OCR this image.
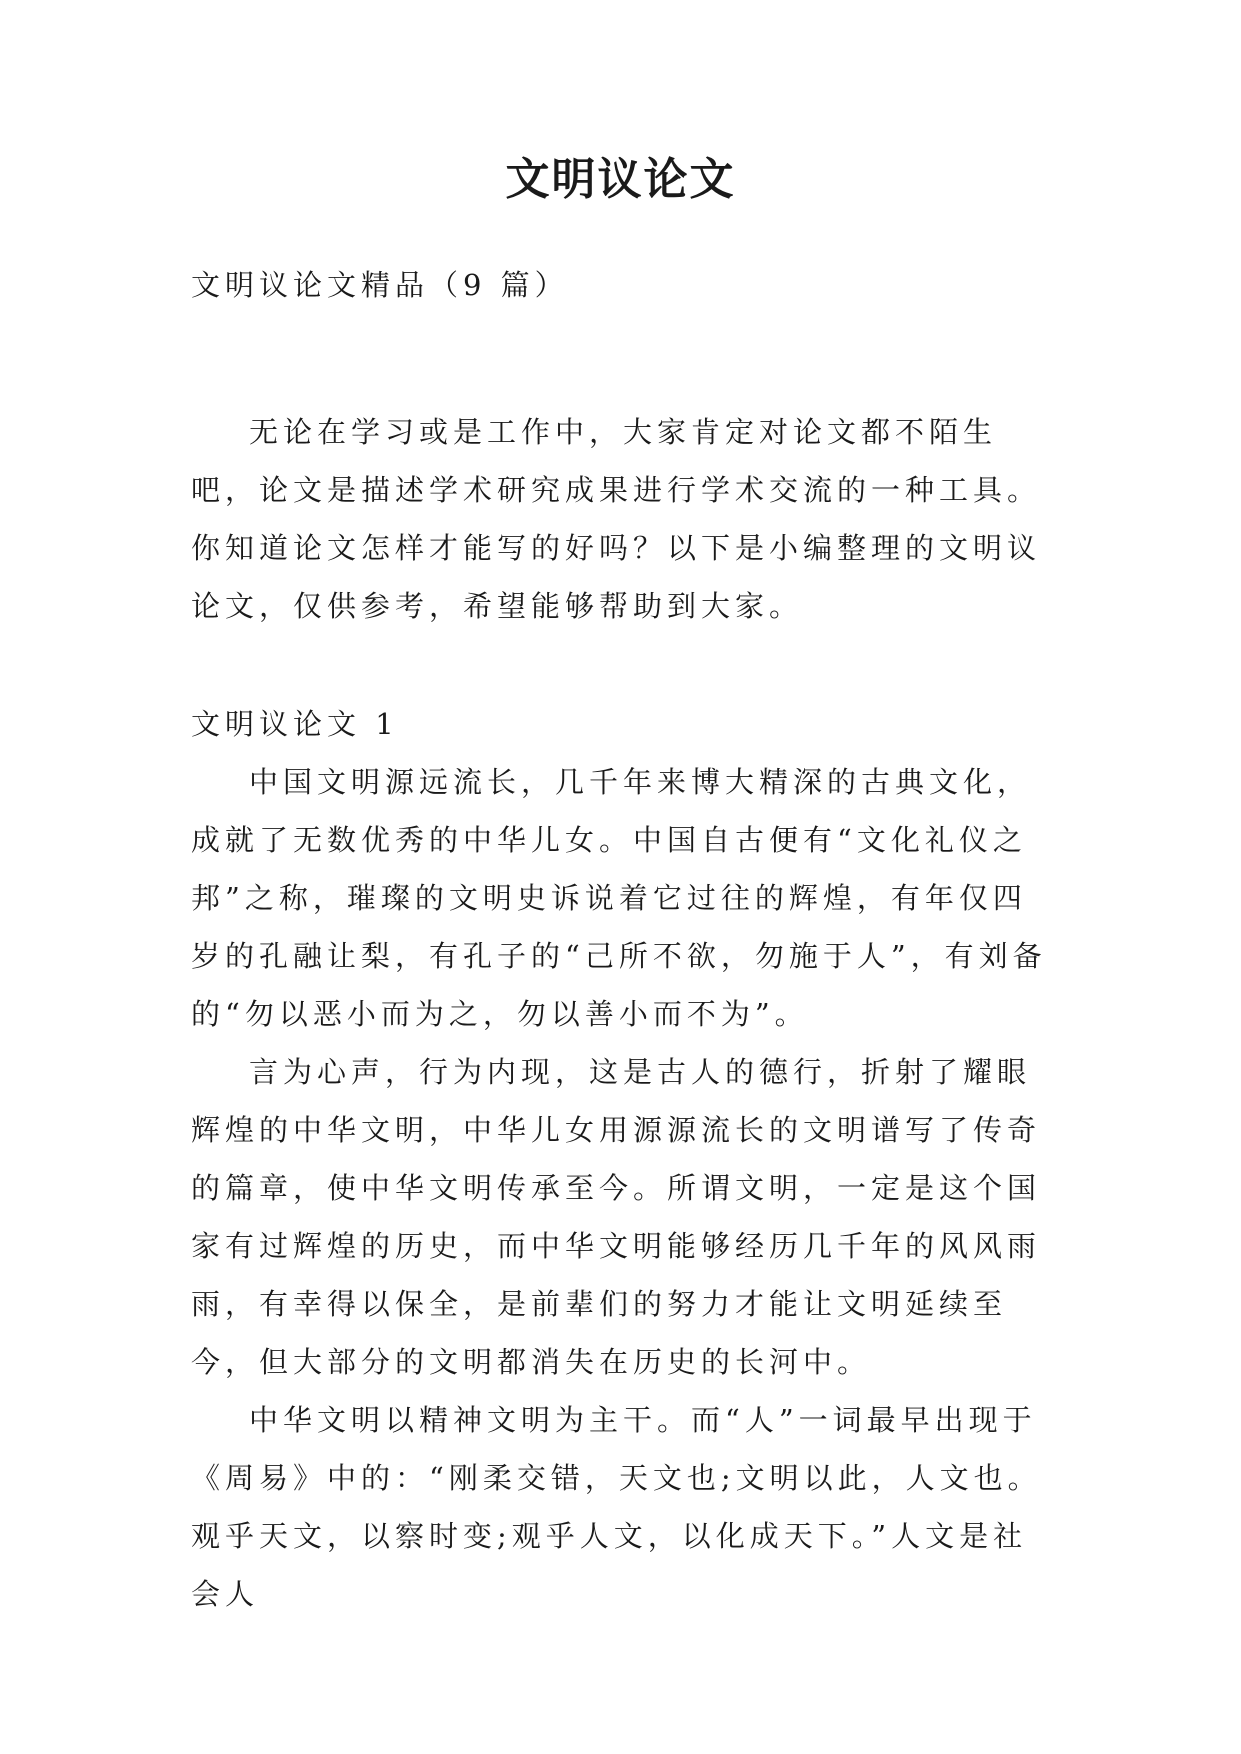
文明议论文

文明议论文精品（9 篇）

无论在学习或是工作中，大家肯定对论文都不陌生吧，论文是描述学术研究成果进行学术交流的一种工具。你知道论文怎样才能写的好吗？以下是小编整理的文明议论文，仅供参考，希望能够帮助到大家。

文明议论文 1

中国文明源远流长，几千年来博大精深的古典文化，成就了无数优秀的中华儿女。中国自古便有“文化礼仪之邦”之称，璀璨的文明史诉说着它过往的辉煌，有年仅四岁的孔融让梨，有孔子的“己所不欲，勿施于人”，有刘备的“勿以恶小而为之，勿以善小而不为”。

言为心声，行为内现，这是古人的德行，折射了耀眼辉煌的中华文明，中华儿女用源源流长的文明谱写了传奇的篇章，使中华文明传承至今。所谓文明，一定是这个国家有过辉煌的历史，而中华文明能够经历几千年的风风雨雨，有幸得以保全，是前辈们的努力才能让文明延续至今，但大部分的文明都消失在历史的长河中。

中华文明以精神文明为主干。而“人”一词最早出现于《周易》中的：“刚柔交错，天文也;文明以此，人文也。观乎天文，以察时变;观乎人文，以化成天下。”人文是社会人
